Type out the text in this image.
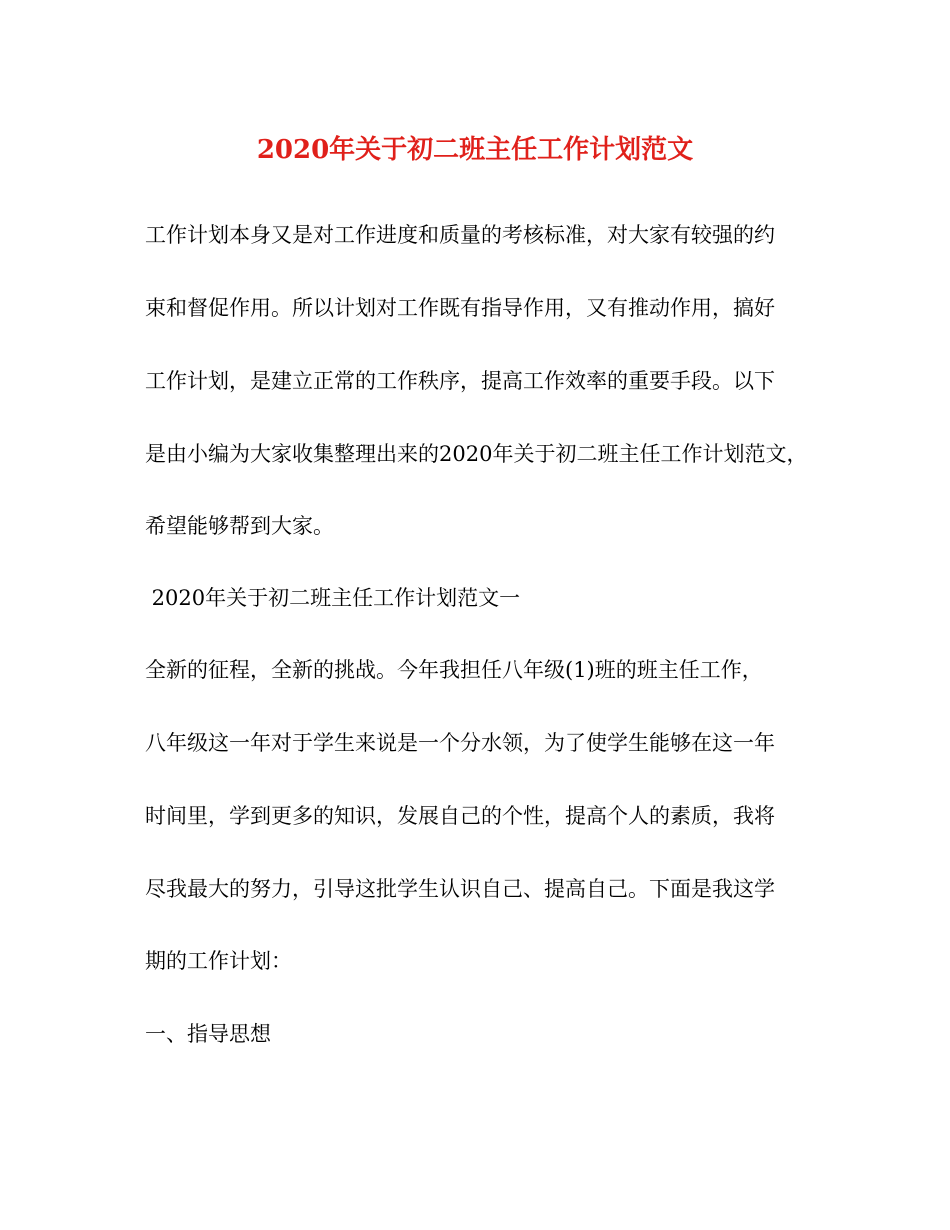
2020年关于初二班主任工作计划范文
工作计划本身又是对工作进度和质量的考核标准，对大家有较强的约
束和督促作用。所以计划对工作既有指导作用，又有推动作用，搞好
工作计划，是建立正常的工作秩序，提高工作效率的重要手段。以下
是由小编为大家收集整理出来的2020年关于初二班主任工作计划范文，
希望能够帮到大家。
2020年关于初二班主任工作计划范文一
全新的征程，全新的挑战。今年我担任八年级(1)班的班主任工作，
八年级这一年对于学生来说是一个分水领，为了使学生能够在这一年
时间里，学到更多的知识，发展自己的个性，提高个人的素质，我将
尽我最大的努力，引导这批学生认识自己、提高自己。下面是我这学
期的工作计划：
一、指导思想
